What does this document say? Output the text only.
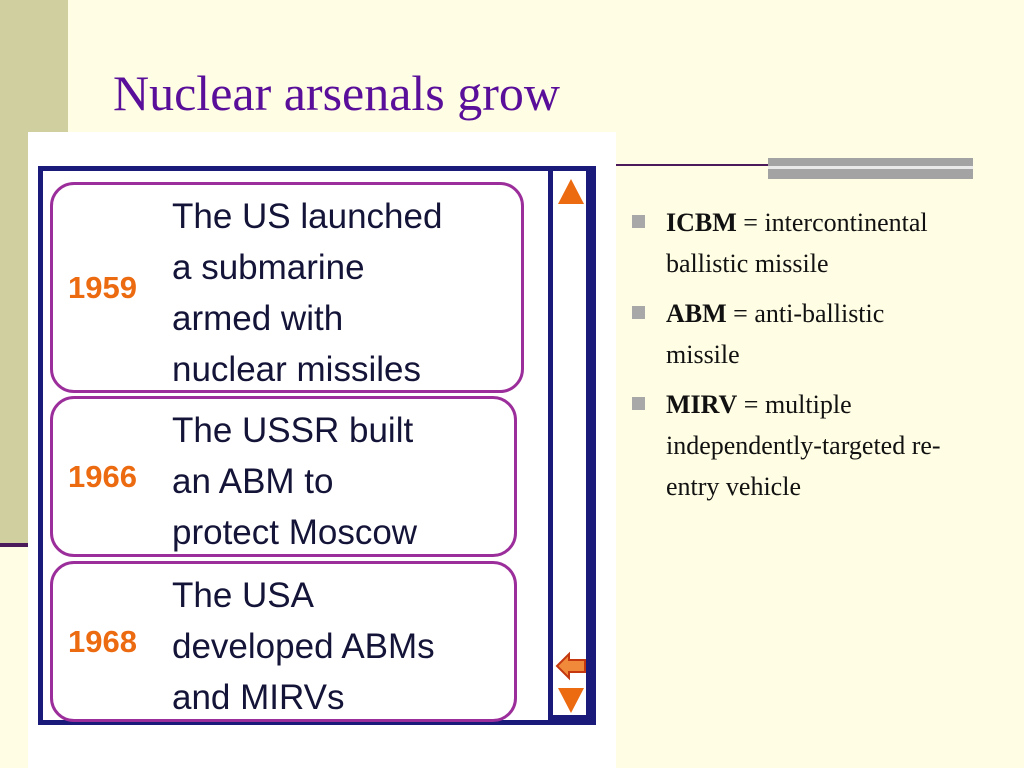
Nuclear arsenals grow
1959
The US launched
a submarine
armed with
nuclear missiles
1966
The USSR built
an ABM to
protect Moscow
1968
The USA
developed ABMs
and MIRVs
ICBM = intercontinental ballistic missile
ABM = anti-ballistic missile
MIRV = multiple independently-targeted re-entry vehicle
